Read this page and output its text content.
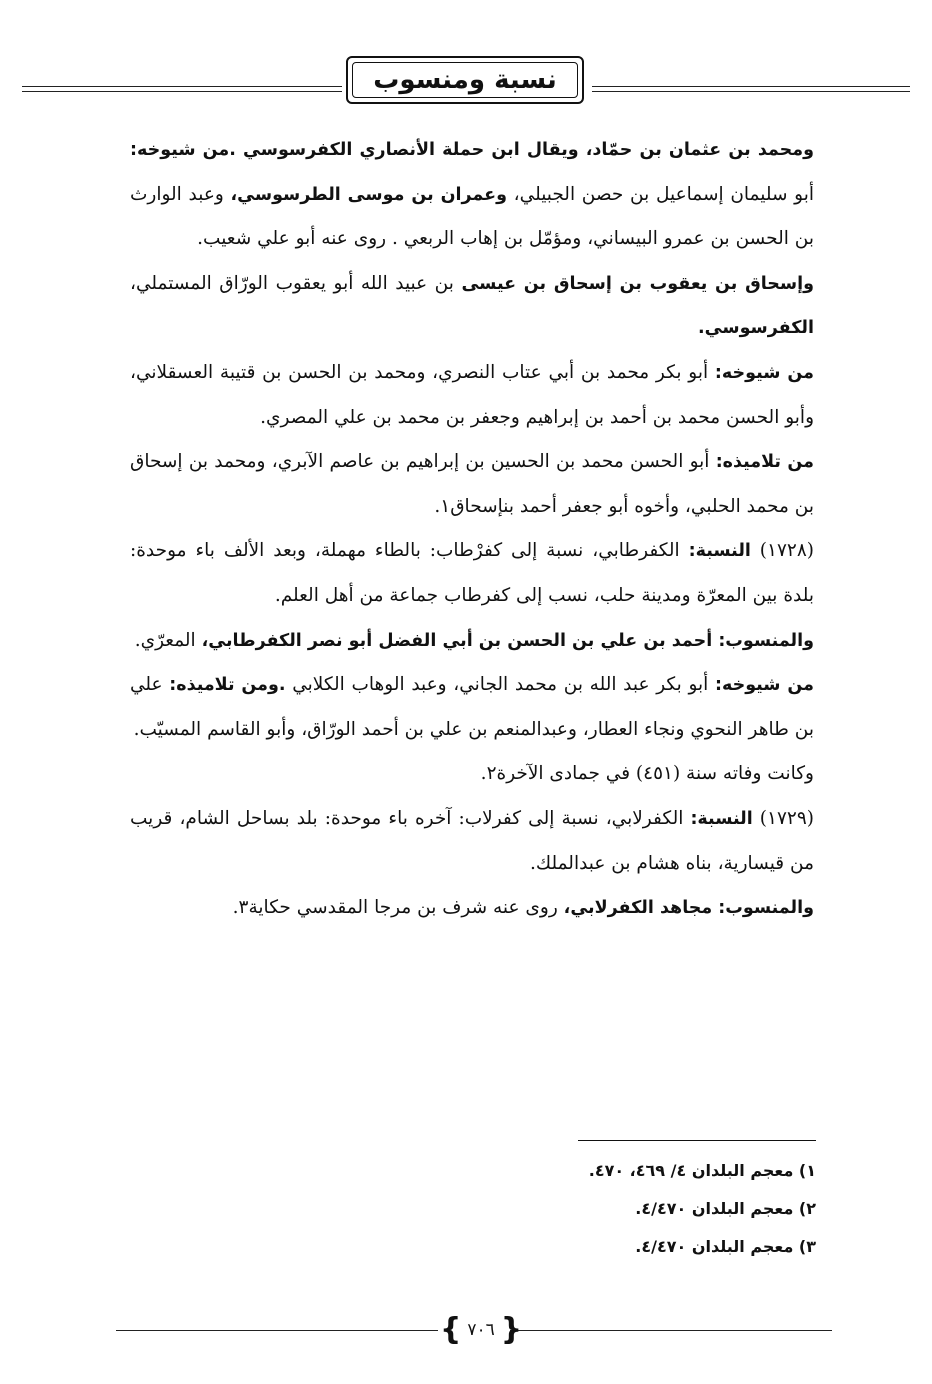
نسبة ومنسوب

ومحمد بن عثمان بن حمّاد، ويقال ابن حملة الأنصاري الكفرسوسي .من شيوخه: أبو سليمان إسماعيل بن حصن الجبيلي، وعمران بن موسى الطرسوسي، وعبد الوارث بن الحسن بن عمرو البيساني، ومؤمّل بن إهاب الربعي . روى عنه أبو علي شعيب.

وإسحاق بن يعقوب بن إسحاق بن عيسى بن عبيد الله أبو يعقوب الورّاق المستملي، الكفرسوسي.

من شيوخه: أبو بكر محمد بن أبي عتاب النصري، ومحمد بن الحسن بن قتيبة العسقلاني، وأبو الحسن محمد بن أحمد بن إبراهيم وجعفر بن محمد بن علي المصري.

من تلاميذه: أبو الحسن محمد بن الحسين بن إبراهيم بن عاصم الآبري، ومحمد بن إسحاق بن محمد الحلبي، وأخوه أبو جعفر أحمد بنإسحاق١.

(١٧٢٨) النسبة: الكفرطابي، نسبة إلى كفرْطاب: بالطاء مهملة، وبعد الألف باء موحدة: بلدة بين المعرّة ومدينة حلب، نسب إلى كفرطاب جماعة من أهل العلم.

والمنسوب: أحمد بن علي بن الحسن بن أبي الفضل أبو نصر الكفرطابي، المعرّي.

من شيوخه: أبو بكر عبد الله بن محمد الجاني، وعبد الوهاب الكلابي .ومن تلاميذه: علي بن طاهر النحوي ونجاء العطار، وعبدالمنعم بن علي بن أحمد الورّاق، وأبو القاسم المسيّب.

وكانت وفاته سنة (٤٥١) في جمادى الآخرة٢.

(١٧٢٩) النسبة: الكفرلابي، نسبة إلى كفرلاب: آخره باء موحدة: بلد بساحل الشام، قريب من قيسارية، بناه هشام بن عبدالملك.

والمنسوب: مجاهد الكفرلابي، روى عنه شرف بن مرجا المقدسي حكاية٣.

١) معجم البلدان ٤/ ٤٦٩، ٤٧٠.
٢) معجم البلدان ٤/٤٧٠.
٣) معجم البلدان ٤/٤٧٠.
{ ٧٠٦ }
